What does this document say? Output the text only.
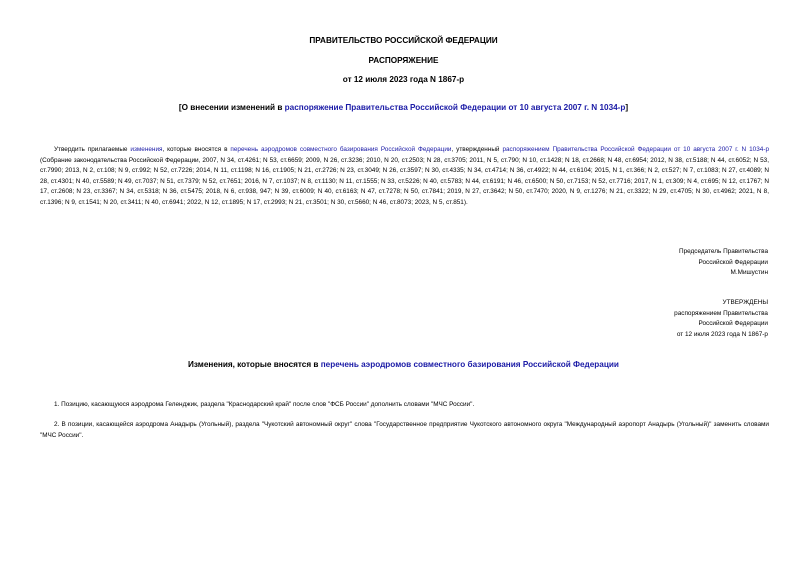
ПРАВИТЕЛЬСТВО РОССИЙСКОЙ ФЕДЕРАЦИИ
РАСПОРЯЖЕНИЕ
от 12 июля 2023 года N 1867-р
[О внесении изменений в распоряжение Правительства Российской Федерации от 10 августа 2007 г. N 1034-р]
Утвердить прилагаемые изменения, которые вносятся в перечень аэродромов совместного базирования Российской Федерации, утвержденный распоряжением Правительства Российской Федерации от 10 августа 2007 г. N 1034-р (Собрание законодательства Российской Федерации, 2007, N 34, ст.4261; N 53, ст.6659; 2009, N 26, ст.3236; 2010, N 20, ст.2503; N 28, ст.3705; 2011, N 5, ст.790; N 10, ст.1428; N 18, ст.2668; N 48, ст.6954; 2012, N 38, ст.5188; N 44, ст.6052; N 53, ст.7990; 2013, N 2, ст.108; N 9, ст.992; N 52, ст.7226; 2014, N 11, ст.1198; N 16, ст.1905; N 21, ст.2726; N 23, ст.3049; N 26, ст.3597; N 30, ст.4335; N 34, ст.4714; N 36, ст.4922; N 44, ст.6104; 2015, N 1, ст.366; N 2, ст.527; N 7, ст.1083; N 27, ст.4089; N 28, ст.4301; N 40, ст.5589; N 49, ст.7037; N 51, ст.7379; N 52, ст.7651; 2016, N 7, ст.1037; N 8, ст.1130; N 11, ст.1555; N 33, ст.5226; N 40, ст.5783; N 44, ст.6191; N 46, ст.6500; N 50, ст.7153; N 52, ст.7716; 2017, N 1, ст.309; N 4, ст.695; N 12, ст.1767; N 17, ст.2608; N 23, ст.3367; N 34, ст.5318; N 36, ст.5475; 2018, N 6, ст.938, 947; N 39, ст.6009; N 40, ст.6163; N 47, ст.7278; N 50, ст.7841; 2019, N 27, ст.3642; N 50, ст.7470; 2020, N 9, ст.1276; N 21, ст.3322; N 29, ст.4705; N 30, ст.4962; 2021, N 8, ст.1396; N 9, ст.1541; N 20, ст.3411; N 40, ст.6941; 2022, N 12, ст.1895; N 17, ст.2993; N 21, ст.3501; N 30, ст.5660; N 46, ст.8073; 2023, N 5, ст.851).
Председатель Правительства
Российской Федерации
М.Мишустин
УТВЕРЖДЕНЫ
распоряжением Правительства
Российской Федерации
от 12 июля 2023 года N 1867-р
Изменения, которые вносятся в перечень аэродромов совместного базирования Российской Федерации
1. Позицию, касающуюся аэродрома Геленджик, раздела "Краснодарский край" после слов "ФСБ России" дополнить словами "МЧС России".
2. В позиции, касающейся аэродрома Анадырь (Угольный), раздела "Чукотский автономный округ" слова "Государственное предприятие Чукотского автономного округа "Международный аэропорт Анадырь (Угольный)" заменить словами "МЧС России".
